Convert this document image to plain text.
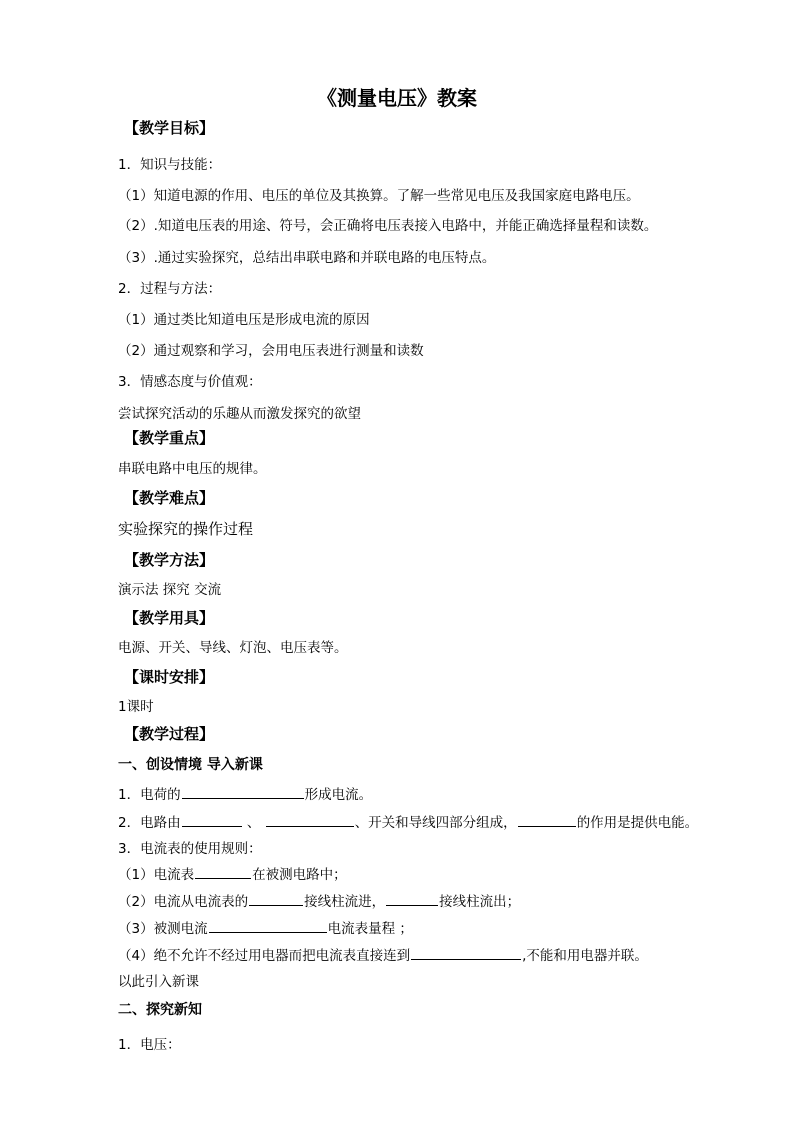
《测量电压》教案
【教学目标】
1．知识与技能：
（1）知道电源的作用、电压的单位及其换算。了解一些常见电压及我国家庭电路电压。
（2）.知道电压表的用途、符号，会正确将电压表接入电路中，并能正确选择量程和读数。
（3）.通过实验探究，总结出串联电路和并联电路的电压特点。
2．过程与方法：
（1）通过类比知道电压是形成电流的原因
（2）通过观察和学习，会用电压表进行测量和读数
3．情感态度与价值观：
尝试探究活动的乐趣从而激发探究的欲望
【教学重点】
串联电路中电压的规律。
【教学难点】
实验探究的操作过程
【教学方法】
演示法 探究 交流
【教学用具】
电源、开关、导线、灯泡、电压表等。
【课时安排】
1课时
【教学过程】
一、创设情境 导入新课
1．电荷的	形成电流。
2．电路由	、	、开关和导线四部分组成，	的作用是提供电能。
3．电流表的使用规则：
（1）电流表	在被测电路中；
（2）电流从电流表的	接线柱流进，	接线柱流出；
（3）被测电流	电流表量程 ；
（4）绝不允许不经过用电器而把电流表直接连到	,不能和用电器并联。
以此引入新课
二、探究新知
1．电压：
